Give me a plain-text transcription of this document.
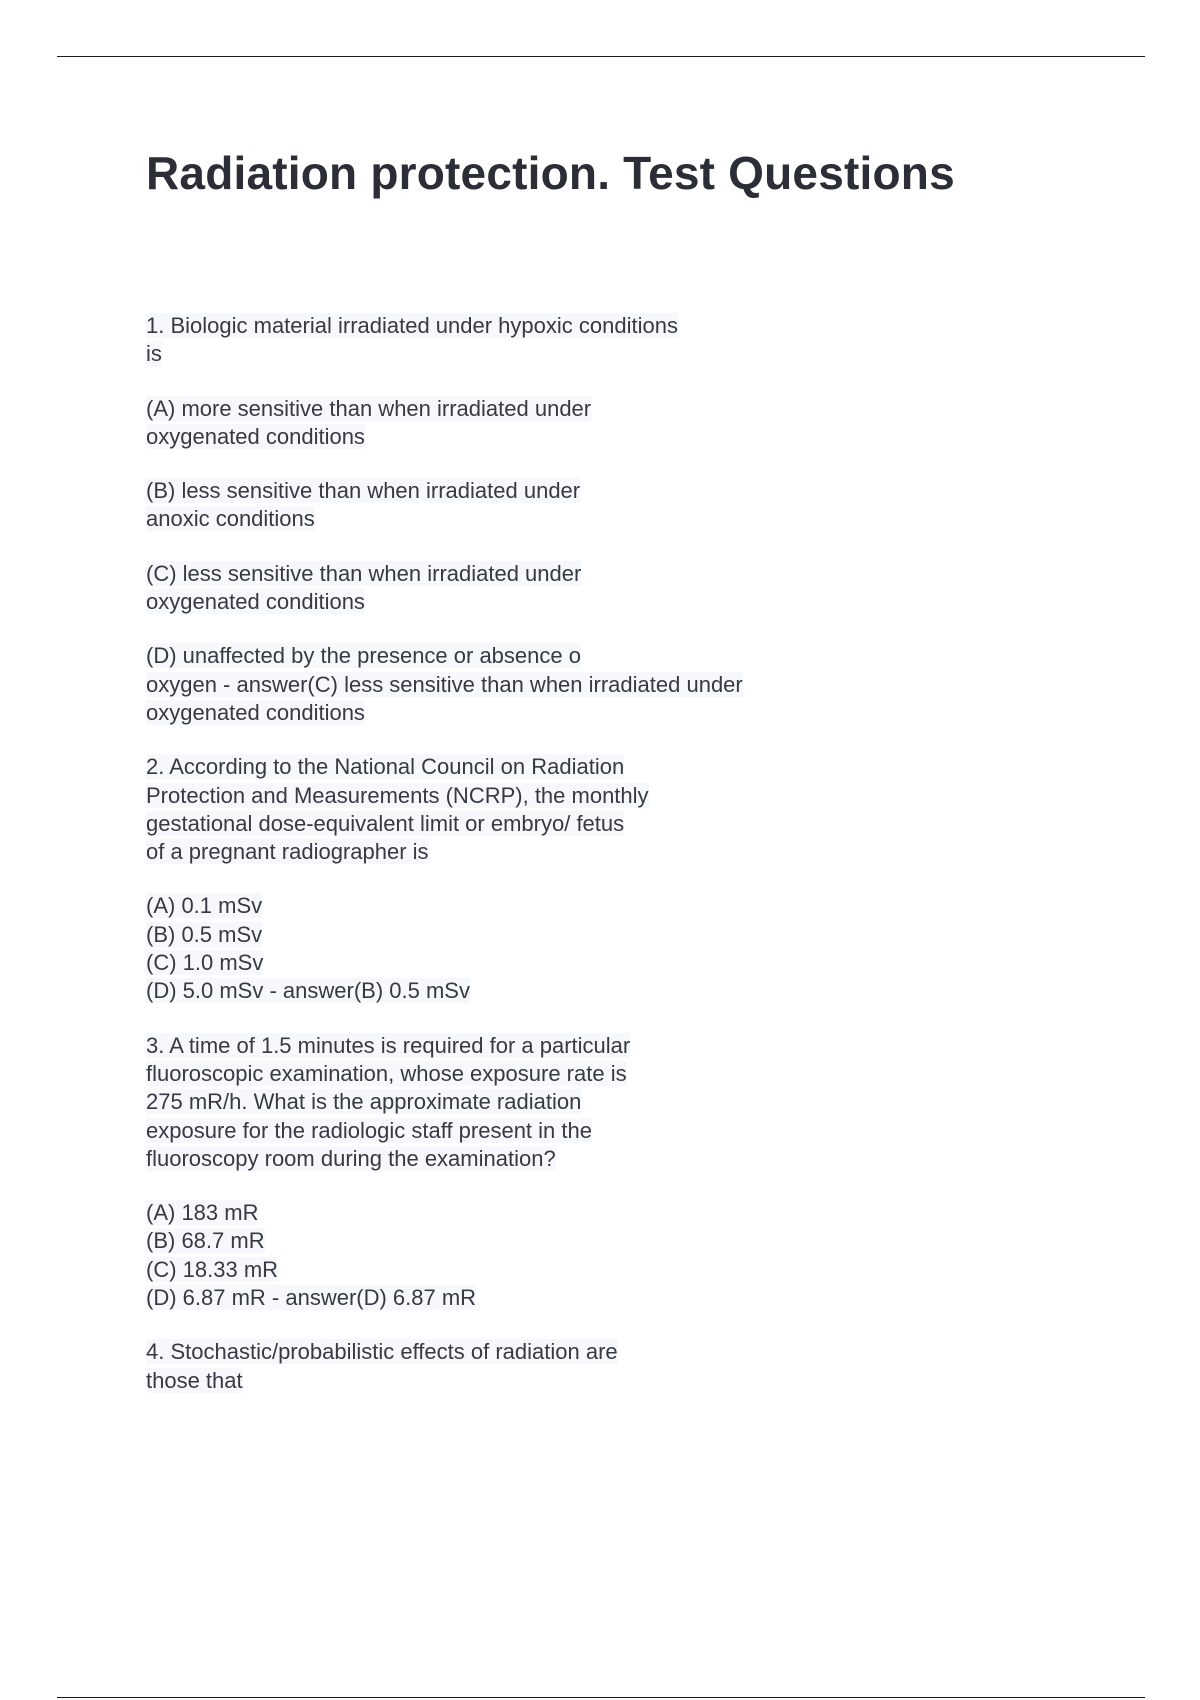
Radiation protection. Test Questions
1. Biologic material irradiated under hypoxic conditions
is
(A) more sensitive than when irradiated under
oxygenated conditions
(B) less sensitive than when irradiated under
anoxic conditions
(C) less sensitive than when irradiated under
oxygenated conditions
(D) unaffected by the presence or absence o
oxygen - answer(C) less sensitive than when irradiated under
oxygenated conditions
2. According to the National Council on Radiation
Protection and Measurements (NCRP), the monthly
gestational dose-equivalent limit or embryo/ fetus
of a pregnant radiographer is
(A) 0.1 mSv
(B) 0.5 mSv
(C) 1.0 mSv
(D) 5.0 mSv - answer(B) 0.5 mSv
3. A time of 1.5 minutes is required for a particular
fluoroscopic examination, whose exposure rate is
275 mR/h. What is the approximate radiation
exposure for the radiologic staff present in the
fluoroscopy room during the examination?
(A) 183 mR
(B) 68.7 mR
(C) 18.33 mR
(D) 6.87 mR - answer(D) 6.87 mR
4. Stochastic/probabilistic effects of radiation are
those that
